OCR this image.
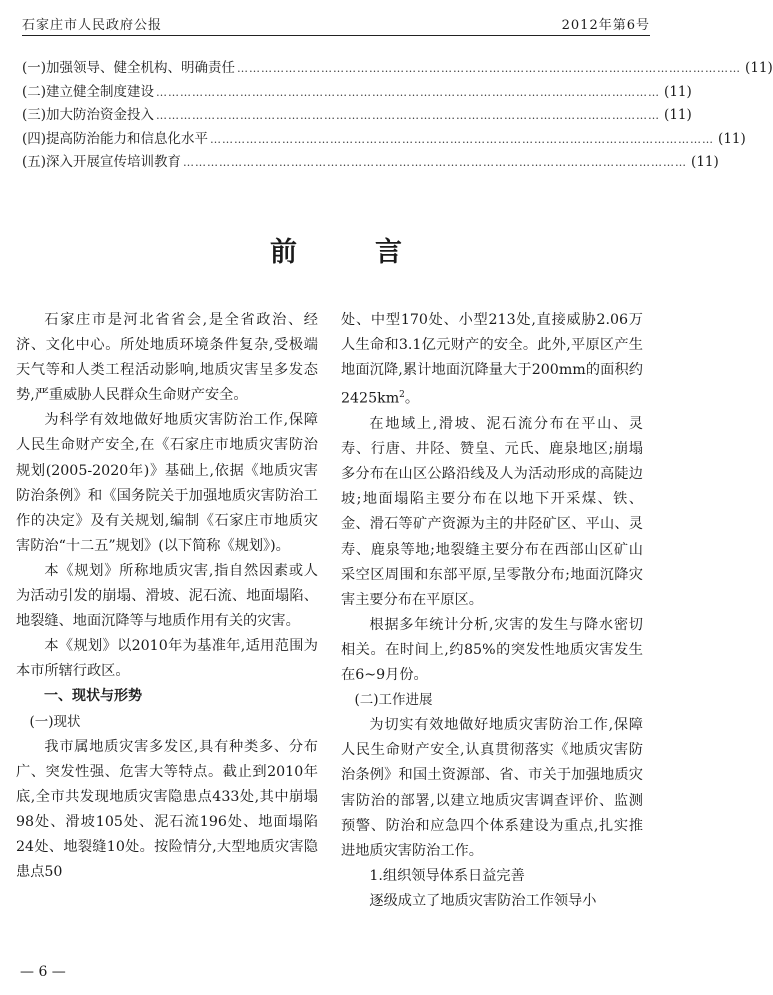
石家庄市人民政府公报	2012年第6号
(一) 加强领导、健全机构、明确责任 ……………………………………………………………………………………………………………… (11)
(二) 建立健全制度建设 ……………………………………………………………………………………………………………… (11)
(三) 加大防治资金投入 ……………………………………………………………………………………………………………… (11)
(四) 提高防治能力和信息化水平 ……………………………………………………………………………………………………………… (11)
(五) 深入开展宣传培训教育 ……………………………………………………………………………………………………………… (11)
前言

石家庄市是河北省省会,是全省政治、经济、文化中心。所处地质环境条件复杂,受极端天气等和人类工程活动影响,地质灾害呈多发态势,严重威胁人民群众生命财产安全。

为科学有效地做好地质灾害防治工作,保障人民生命财产安全,在《石家庄市地质灾害防治规划(2005-2020年)》基础上,依据《地质灾害防治条例》和《国务院关于加强地质灾害防治工作的决定》及有关规划,编制《石家庄市地质灾害防治“十二五”规划》(以下简称《规划》)。

本《规划》所称地质灾害,指自然因素或人为活动引发的崩塌、滑坡、泥石流、地面塌陷、地裂缝、地面沉降等与地质作用有关的灾害。

本《规划》以2010年为基准年,适用范围为本市所辖行政区。

一、现状与形势

(一)现状

我市属地质灾害多发区,具有种类多、分布广、突发性强、危害大等特点。截止到2010年底,全市共发现地质灾害隐患点433处,其中崩塌98处、滑坡105处、泥石流196处、地面塌陷24处、地裂缝10处。按险情分,大型地质灾害隐患点50

处、中型170处、小型213处,直接威胁2.06万人生命和3.1亿元财产的安全。此外,平原区产生地面沉降,累计地面沉降量大于200mm的面积约$2425km^2$。

在地域上,滑坡、泥石流分布在平山、灵寿、行唐、井陉、赞皇、元氏、鹿泉地区;崩塌多分布在山区公路沿线及人为活动形成的高陡边坡;地面塌陷主要分布在以地下开采煤、铁、金、滑石等矿产资源为主的井陉矿区、平山、灵寿、鹿泉等地;地裂缝主要分布在西部山区矿山采空区周围和东部平原,呈零散分布;地面沉降灾害主要分布在平原区。

根据多年统计分析,灾害的发生与降水密切相关。在时间上,约85%的突发性地质灾害发生在6~9月份。

(二)工作进展

为切实有效地做好地质灾害防治工作,保障人民生命财产安全,认真贯彻落实《地质灾害防治条例》和国土资源部、省、市关于加强地质灾害防治的部署,以建立地质灾害调查评价、监测预警、防治和应急四个体系建设为重点,扎实推进地质灾害防治工作。

1.组织领导体系日益完善

逐级成立了地质灾害防治工作领导小

— 6 —
